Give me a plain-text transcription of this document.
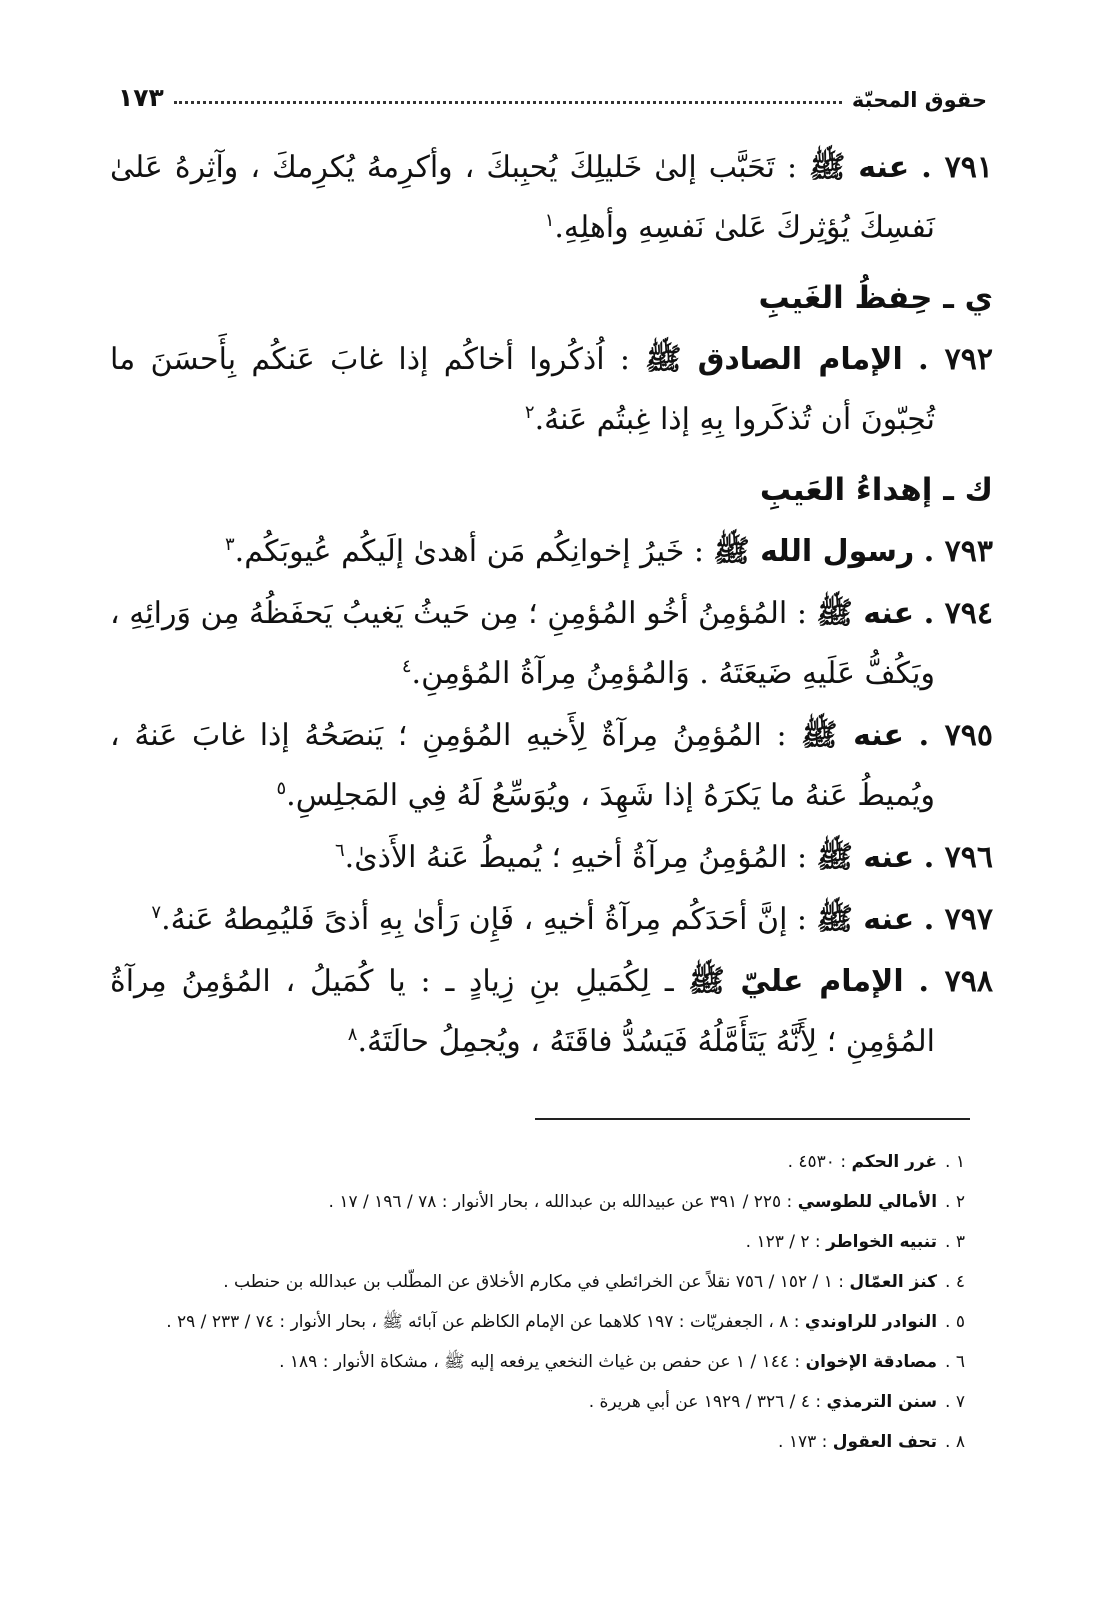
حقوق المحبّة
١٧٣

٧٩١ . عنه ﷺ : تَحَبَّب إلىٰ خَليلِكَ يُحبِبكَ ، وأكرِمهُ يُكرِمكَ ، وآثِرهُ عَلىٰ نَفسِكَ يُؤثِركَ عَلىٰ نَفسِهِ وأهلِهِ.$^١$

ي ـ حِفظُ الغَيبِ

٧٩٢ . الإمام الصادق ﷺ : اُذكُروا أخاكُم إذا غابَ عَنكُم بِأَحسَنَ ما تُحِبّونَ أن تُذكَروا بِهِ إذا غِبتُم عَنهُ.$^٢$

ك ـ إهداءُ العَيبِ

٧٩٣ . رسول الله ﷺ : خَيرُ إخوانِكُم مَن أهدىٰ إلَيكُم عُيوبَكُم.$^٣$

٧٩٤ . عنه ﷺ : المُؤمِنُ أخُو المُؤمِنِ ؛ مِن حَيثُ يَغيبُ يَحفَظُهُ مِن وَرائِهِ ، ويَكُفُّ عَلَيهِ ضَيعَتَهُ . وَالمُؤمِنُ مِرآةُ المُؤمِنِ.$^٤$

٧٩٥ . عنه ﷺ : المُؤمِنُ مِرآةٌ لِأَخيهِ المُؤمِنِ ؛ يَنصَحُهُ إذا غابَ عَنهُ ، ويُميطُ عَنهُ ما يَكرَهُ إذا شَهِدَ ، ويُوَسِّعُ لَهُ فِي المَجلِسِ.$^٥$

٧٩٦ . عنه ﷺ : المُؤمِنُ مِرآةُ أخيهِ ؛ يُميطُ عَنهُ الأَذىٰ.$^٦$

٧٩٧ . عنه ﷺ : إنَّ أحَدَكُم مِرآةُ أخيهِ ، فَإِن رَأىٰ بِهِ أذىً فَليُمِطهُ عَنهُ.$^٧$

٧٩٨ . الإمام عليّ ﷺ ـ لِكُمَيلِ بنِ زِيادٍ ـ : يا كُمَيلُ ، المُؤمِنُ مِرآةُ المُؤمِنِ ؛ لِأَنَّهُ يَتَأَمَّلُهُ فَيَسُدُّ فاقَتَهُ ، ويُجمِلُ حالَتَهُ.$^٨$

١ .غرر الحكم : ٤٥٣٠ .

٢ .الأمالي للطوسي : ٢٢٥ / ٣٩١ عن عبيدالله بن عبدالله ، بحار الأنوار : ٧٨ / ١٩٦ / ١٧ .

٣ .تنبيه الخواطر : ٢ / ١٢٣ .

٤ .كنز العمّال : ١ / ١٥٢ / ٧٥٦ نقلاً عن الخرائطي في مكارم الأخلاق عن المطّلب بن عبدالله بن حنطب .

٥ .النوادر للراوندي : ٨ ، الجعفريّات : ١٩٧ كلاهما عن الإمام الكاظم عن آبائه ﷺ ، بحار الأنوار : ٧٤ / ٢٣٣ / ٢٩ .

٦ .مصادقة الإخوان : ١٤٤ / ١ عن حفص بن غياث النخعي يرفعه إليه ﷺ ، مشكاة الأنوار : ١٨٩ .

٧ .سنن الترمذي : ٤ / ٣٢٦ / ١٩٢٩ عن أبي هريرة .

٨ .تحف العقول : ١٧٣ .
